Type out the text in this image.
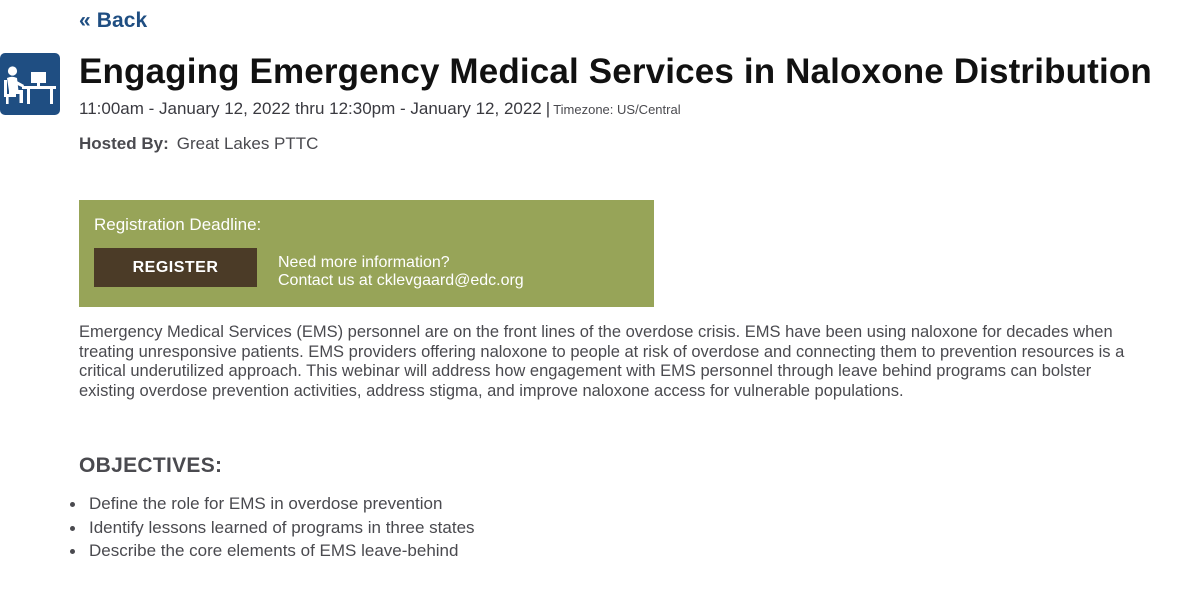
« Back
Engaging Emergency Medical Services in Naloxone Distribution
11:00am - January 12, 2022 thru 12:30pm - January 12, 2022 | Timezone: US/Central
Hosted By: Great Lakes PTTC
Registration Deadline:
REGISTER	Need more information?
Contact us at cklevgaard@edc.org

Emergency Medical Services (EMS) personnel are on the front lines of the overdose crisis. EMS have been using naloxone for decades when treating unresponsive patients. EMS providers offering naloxone to people at risk of overdose and connecting them to prevention resources is a critical underutilized approach. This webinar will address how engagement with EMS personnel through leave behind programs can bolster existing overdose prevention activities, address stigma, and improve naloxone access for vulnerable populations.

OBJECTIVES:
Define the role for EMS in overdose prevention
Identify lessons learned of programs in three states
Describe the core elements of EMS leave-behind
